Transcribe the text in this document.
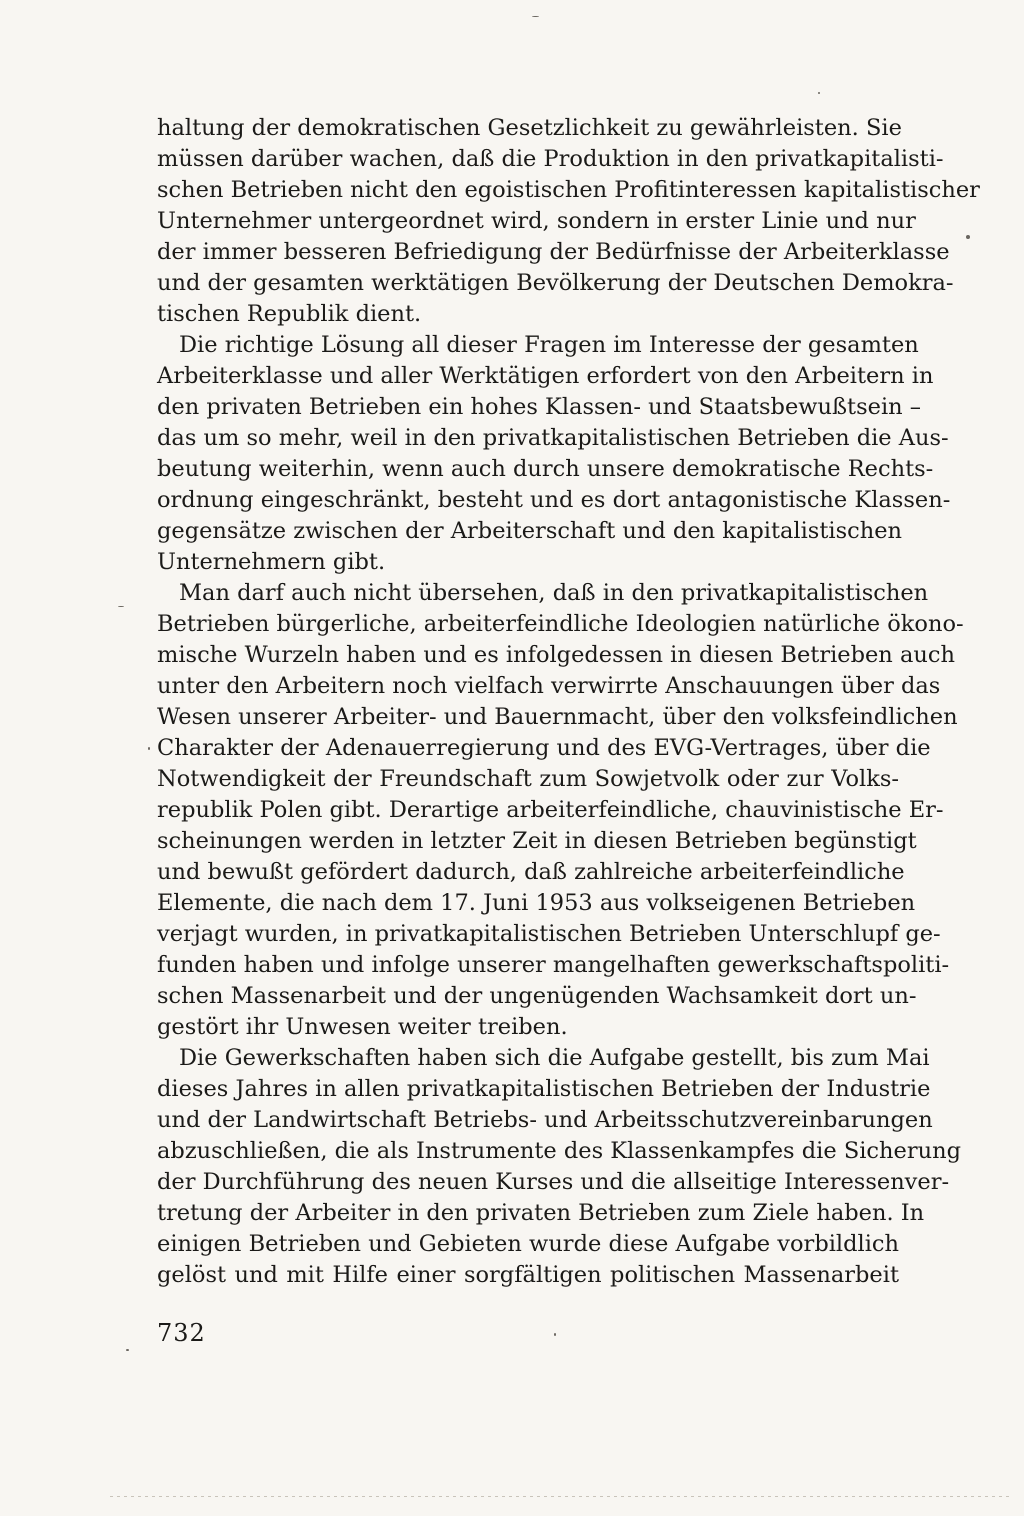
haltung der demokratischen Gesetzlichkeit zu gewährleisten. Sie
müssen darüber wachen, daß die Produktion in den privatkapitalisti-
schen Betrieben nicht den egoistischen Profitinteressen kapitalistischer
Unternehmer untergeordnet wird, sondern in erster Linie und nur
der immer besseren Befriedigung der Bedürfnisse der Arbeiterklasse
und der gesamten werktätigen Bevölkerung der Deutschen Demokra-
tischen Republik dient.
Die richtige Lösung all dieser Fragen im Interesse der gesamten
Arbeiterklasse und aller Werktätigen erfordert von den Arbeitern in
den privaten Betrieben ein hohes Klassen- und Staatsbewußtsein –
das um so mehr, weil in den privatkapitalistischen Betrieben die Aus-
beutung weiterhin, wenn auch durch unsere demokratische Rechts-
ordnung eingeschränkt, besteht und es dort antagonistische Klassen-
gegensätze zwischen der Arbeiterschaft und den kapitalistischen
Unternehmern gibt.
Man darf auch nicht übersehen, daß in den privatkapitalistischen
Betrieben bürgerliche, arbeiterfeindliche Ideologien natürliche ökono-
mische Wurzeln haben und es infolgedessen in diesen Betrieben auch
unter den Arbeitern noch vielfach verwirrte Anschauungen über das
Wesen unserer Arbeiter- und Bauernmacht, über den volksfeindlichen
Charakter der Adenauerregierung und des EVG-Vertrages, über die
Notwendigkeit der Freundschaft zum Sowjetvolk oder zur Volks-
republik Polen gibt. Derartige arbeiterfeindliche, chauvinistische Er-
scheinungen werden in letzter Zeit in diesen Betrieben begünstigt
und bewußt gefördert dadurch, daß zahlreiche arbeiterfeindliche
Elemente, die nach dem 17. Juni 1953 aus volkseigenen Betrieben
verjagt wurden, in privatkapitalistischen Betrieben Unterschlupf ge-
funden haben und infolge unserer mangelhaften gewerkschaftspoliti-
schen Massenarbeit und der ungenügenden Wachsamkeit dort un-
gestört ihr Unwesen weiter treiben.
Die Gewerkschaften haben sich die Aufgabe gestellt, bis zum Mai
dieses Jahres in allen privatkapitalistischen Betrieben der Industrie
und der Landwirtschaft Betriebs- und Arbeitsschutzvereinbarungen
abzuschließen, die als Instrumente des Klassenkampfes die Sicherung
der Durchführung des neuen Kurses und die allseitige Interessenver-
tretung der Arbeiter in den privaten Betrieben zum Ziele haben. In
einigen Betrieben und Gebieten wurde diese Aufgabe vorbildlich
gelöst und mit Hilfe einer sorgfältigen politischen Massenarbeit
732
